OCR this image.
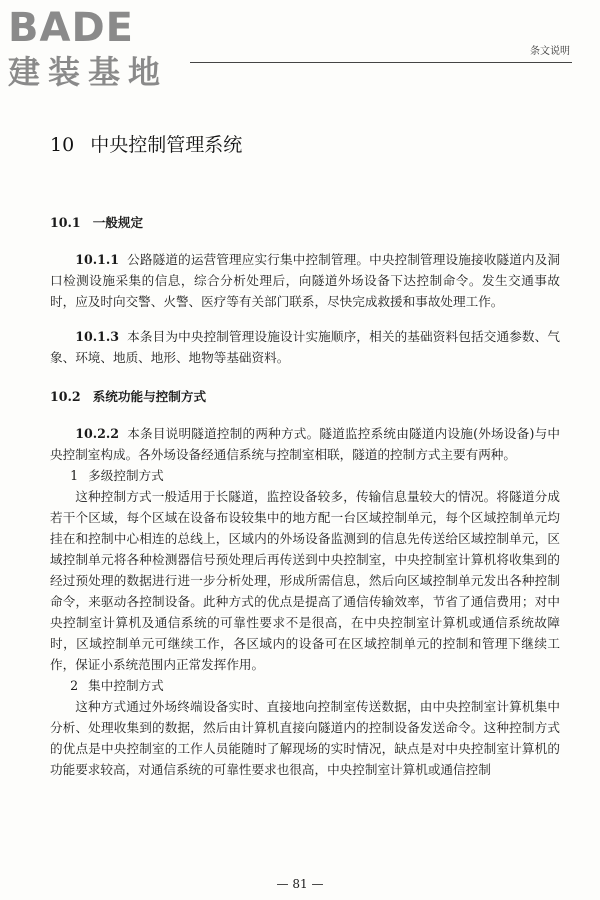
BADE
建装基地
条文说明
10 中央控制管理系统
10.1 一般规定

10.1.1 公路隧道的运营管理应实行集中控制管理。中央控制管理设施接收隧道内及洞口检测设施采集的信息，综合分析处理后，向隧道外场设备下达控制命令。发生交通事故时，应及时向交警、火警、医疗等有关部门联系，尽快完成救援和事故处理工作。

10.1.3 本条目为中央控制管理设施设计实施顺序，相关的基础资料包括交通参数、气象、环境、地质、地形、地物等基础资料。

10.2 系统功能与控制方式

10.2.2 本条目说明隧道控制的两种方式。隧道监控系统由隧道内设施(外场设备)与中央控制室构成。各外场设备经通信系统与控制室相联，隧道的控制方式主要有两种。

1 多级控制方式

这种控制方式一般适用于长隧道，监控设备较多，传输信息量较大的情况。将隧道分成若干个区域，每个区域在设备布设较集中的地方配一台区域控制单元，每个区域控制单元均挂在和控制中心相连的总线上，区域内的外场设备监测到的信息先传送给区域控制单元，区域控制单元将各种检测器信号预处理后再传送到中央控制室，中央控制室计算机将收集到的经过预处理的数据进行进一步分析处理，形成所需信息，然后向区域控制单元发出各种控制命令，来驱动各控制设备。此种方式的优点是提高了通信传输效率，节省了通信费用；对中央控制室计算机及通信系统的可靠性要求不是很高，在中央控制室计算机或通信系统故障时，区域控制单元可继续工作，各区域内的设备可在区域控制单元的控制和管理下继续工作，保证小系统范围内正常发挥作用。

2 集中控制方式

这种方式通过外场终端设备实时、直接地向控制室传送数据，由中央控制室计算机集中分析、处理收集到的数据，然后由计算机直接向隧道内的控制设备发送命令。这种控制方式的优点是中央控制室的工作人员能随时了解现场的实时情况，缺点是对中央控制室计算机的功能要求较高，对通信系统的可靠性要求也很高，中央控制室计算机或通信控制

— 81 —
